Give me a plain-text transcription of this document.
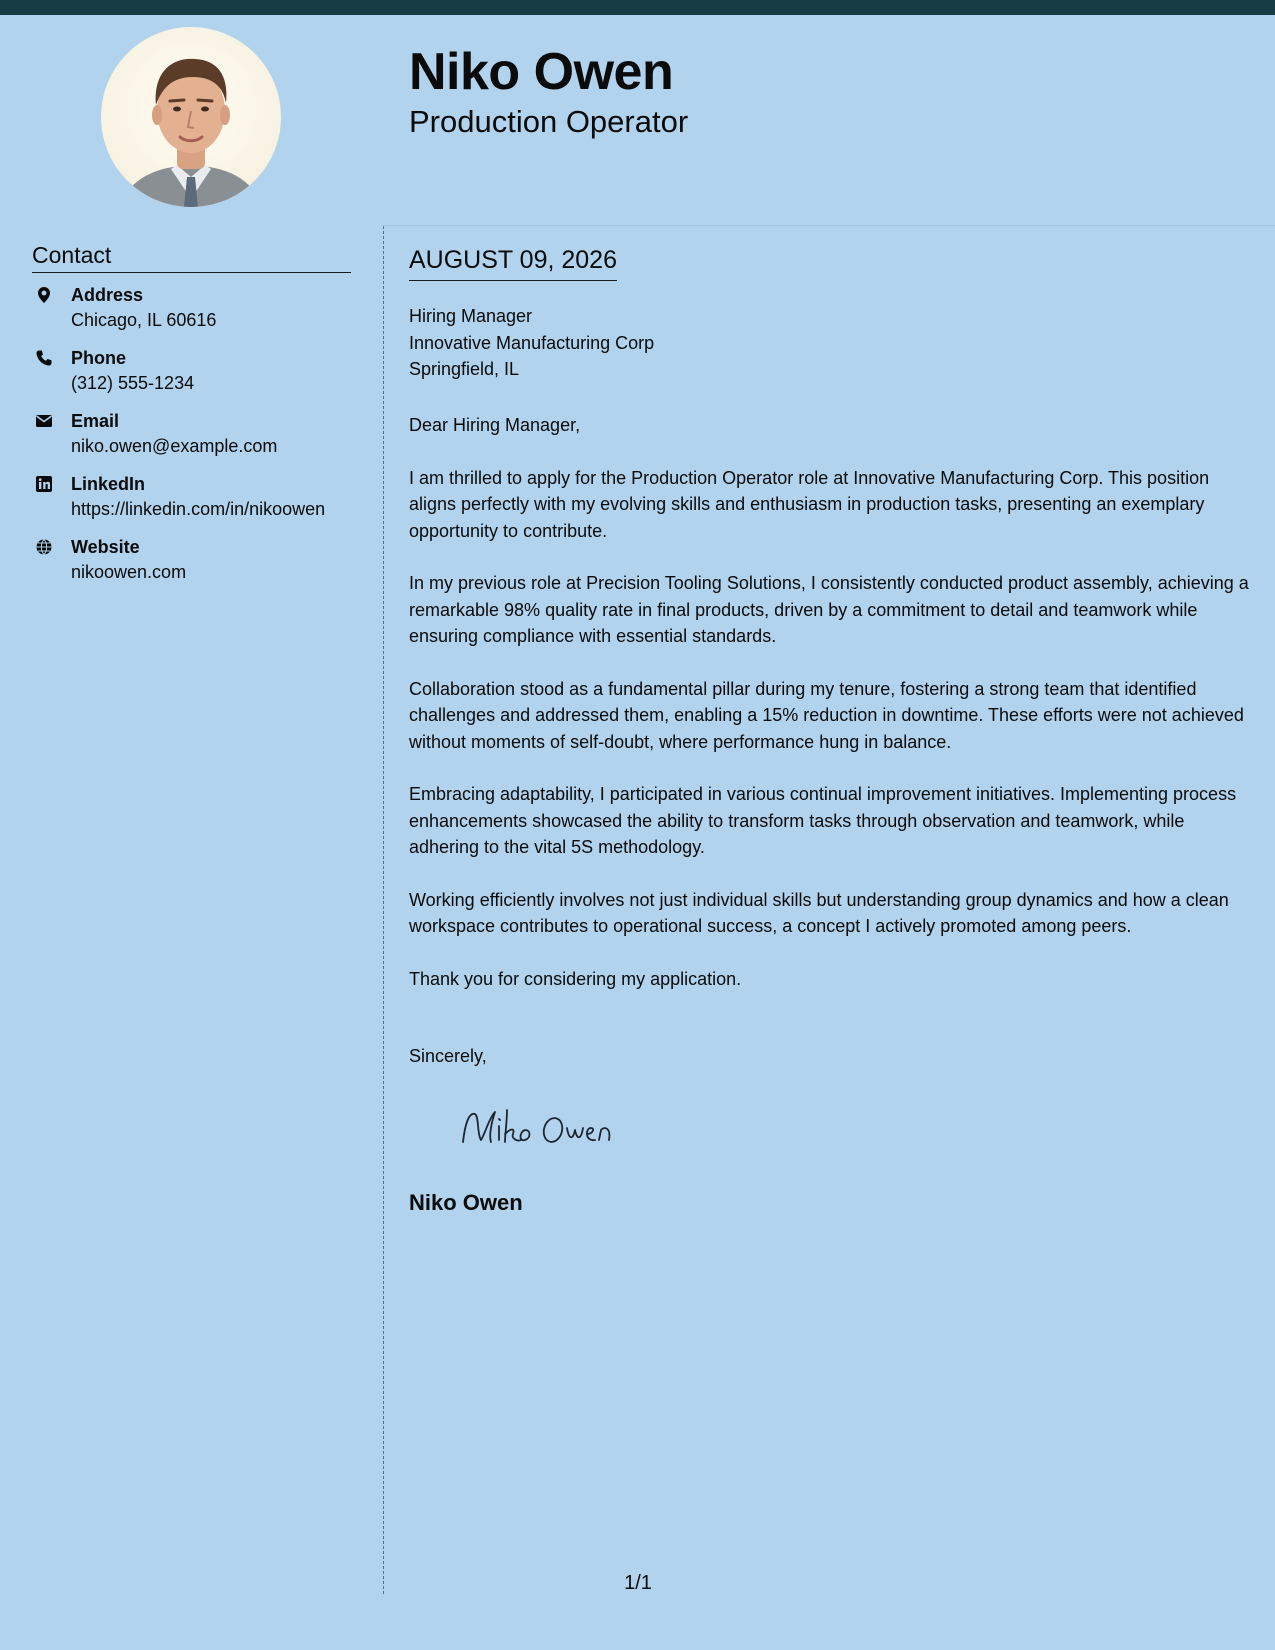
Niko Owen
Production Operator
Contact
Address
Chicago, IL 60616
Phone
(312) 555-1234
Email
niko.owen@example.com
LinkedIn
https://linkedin.com/in/nikoowen
Website
nikoowen.com
AUGUST 09, 2026
Hiring Manager
Innovative Manufacturing Corp
Springfield, IL

Dear Hiring Manager,

I am thrilled to apply for the Production Operator role at Innovative Manufacturing Corp. This position aligns perfectly with my evolving skills and enthusiasm in production tasks, presenting an exemplary opportunity to contribute.

In my previous role at Precision Tooling Solutions, I consistently conducted product assembly, achieving a remarkable 98% quality rate in final products, driven by a commitment to detail and teamwork while ensuring compliance with essential standards.

Collaboration stood as a fundamental pillar during my tenure, fostering a strong team that identified challenges and addressed them, enabling a 15% reduction in downtime. These efforts were not achieved without moments of self-doubt, where performance hung in balance.

Embracing adaptability, I participated in various continual improvement initiatives. Implementing process enhancements showcased the ability to transform tasks through observation and teamwork, while adhering to the vital 5S methodology.

Working efficiently involves not just individual skills but understanding group dynamics and how a clean workspace contributes to operational success, a concept I actively promoted among peers.

Thank you for considering my application.

Sincerely,
Niko Owen
1/1
